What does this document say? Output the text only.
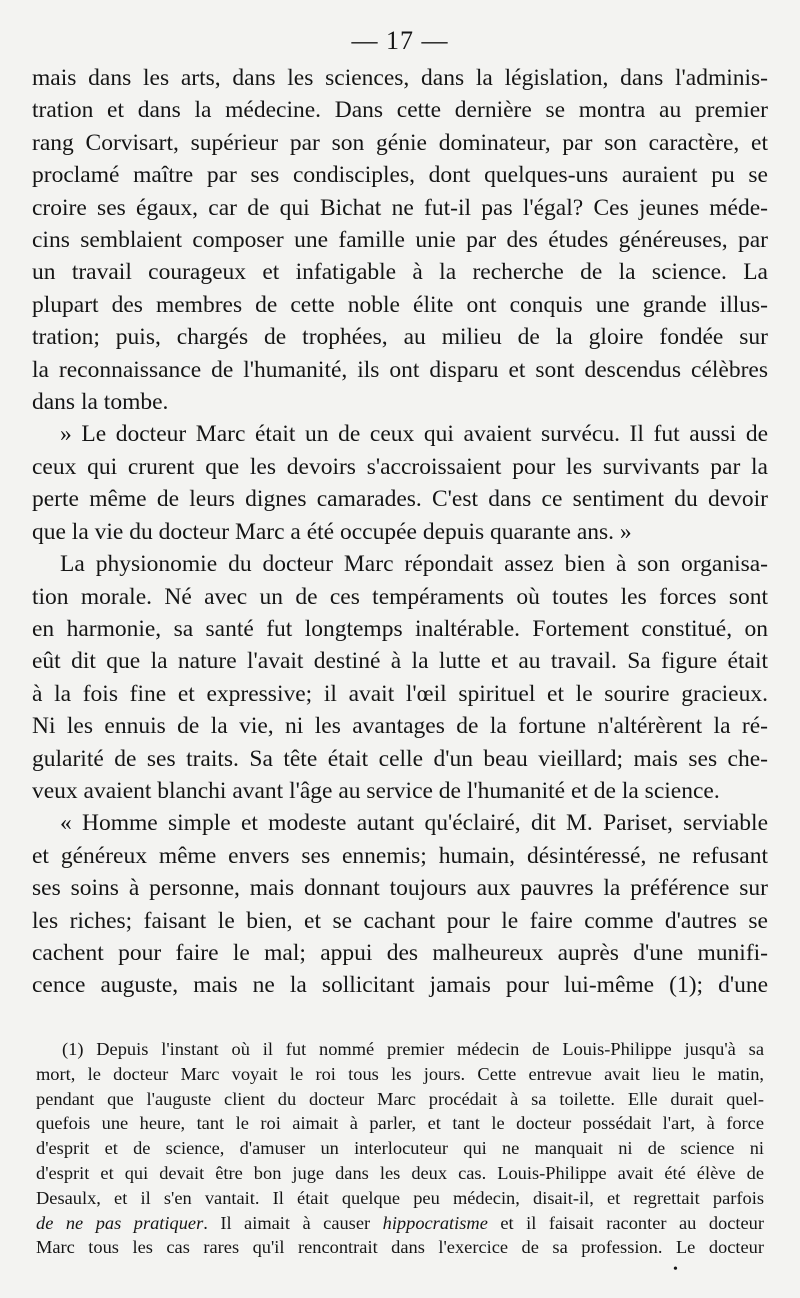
— 17 —
mais dans les arts, dans les sciences, dans la législation, dans l'adminis-
tration et dans la médecine. Dans cette dernière se montra au premier
rang Corvisart, supérieur par son génie dominateur, par son caractère, et
proclamé maître par ses condisciples, dont quelques-uns auraient pu se
croire ses égaux, car de qui Bichat ne fut-il pas l'égal? Ces jeunes méde-
cins semblaient composer une famille unie par des études généreuses, par
un travail courageux et infatigable à la recherche de la science. La
plupart des membres de cette noble élite ont conquis une grande illus-
tration; puis, chargés de trophées, au milieu de la gloire fondée sur
la reconnaissance de l'humanité, ils ont disparu et sont descendus célèbres
dans la tombe.
» Le docteur Marc était un de ceux qui avaient survécu. Il fut aussi de
ceux qui crurent que les devoirs s'accroissaient pour les survivants par la
perte même de leurs dignes camarades. C'est dans ce sentiment du devoir
que la vie du docteur Marc a été occupée depuis quarante ans. »
La physionomie du docteur Marc répondait assez bien à son organisa-
tion morale. Né avec un de ces tempéraments où toutes les forces sont
en harmonie, sa santé fut longtemps inaltérable. Fortement constitué, on
eût dit que la nature l'avait destiné à la lutte et au travail. Sa figure était
à la fois fine et expressive; il avait l'œil spirituel et le sourire gracieux.
Ni les ennuis de la vie, ni les avantages de la fortune n'altérèrent la ré-
gularité de ses traits. Sa tête était celle d'un beau vieillard; mais ses che-
veux avaient blanchi avant l'âge au service de l'humanité et de la science.
« Homme simple et modeste autant qu'éclairé, dit M. Pariset, serviable
et généreux même envers ses ennemis; humain, désintéressé, ne refusant
ses soins à personne, mais donnant toujours aux pauvres la préférence sur
les riches; faisant le bien, et se cachant pour le faire comme d'autres se
cachent pour faire le mal; appui des malheureux auprès d'une munifi-
cence auguste, mais ne la sollicitant jamais pour lui-même (1); d'une
(1) Depuis l'instant où il fut nommé premier médecin de Louis-Philippe jusqu'à sa
mort, le docteur Marc voyait le roi tous les jours. Cette entrevue avait lieu le matin,
pendant que l'auguste client du docteur Marc procédait à sa toilette. Elle durait quel-
quefois une heure, tant le roi aimait à parler, et tant le docteur possédait l'art, à force
d'esprit et de science, d'amuser un interlocuteur qui ne manquait ni de science ni
d'esprit et qui devait être bon juge dans les deux cas. Louis-Philippe avait été élève de
Desaulx, et il s'en vantait. Il était quelque peu médecin, disait-il, et regrettait parfois
de ne pas pratiquer. Il aimait à causer hippocratisme et il faisait raconter au docteur
Marc tous les cas rares qu'il rencontrait dans l'exercice de sa profession. Le docteur
•
